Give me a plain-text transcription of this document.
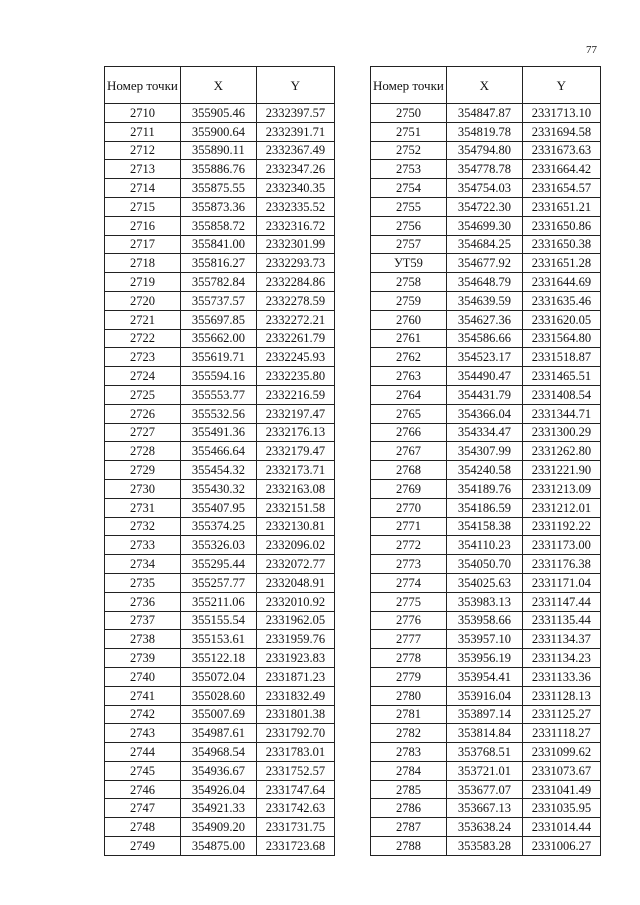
77
Номер точки	X	Y
2710	355905.46	2332397.57
2711	355900.64	2332391.71
2712	355890.11	2332367.49
2713	355886.76	2332347.26
2714	355875.55	2332340.35
2715	355873.36	2332335.52
2716	355858.72	2332316.72
2717	355841.00	2332301.99
2718	355816.27	2332293.73
2719	355782.84	2332284.86
2720	355737.57	2332278.59
2721	355697.85	2332272.21
2722	355662.00	2332261.79
2723	355619.71	2332245.93
2724	355594.16	2332235.80
2725	355553.77	2332216.59
2726	355532.56	2332197.47
2727	355491.36	2332176.13
2728	355466.64	2332179.47
2729	355454.32	2332173.71
2730	355430.32	2332163.08
2731	355407.95	2332151.58
2732	355374.25	2332130.81
2733	355326.03	2332096.02
2734	355295.44	2332072.77
2735	355257.77	2332048.91
2736	355211.06	2332010.92
2737	355155.54	2331962.05
2738	355153.61	2331959.76
2739	355122.18	2331923.83
2740	355072.04	2331871.23
2741	355028.60	2331832.49
2742	355007.69	2331801.38
2743	354987.61	2331792.70
2744	354968.54	2331783.01
2745	354936.67	2331752.57
2746	354926.04	2331747.64
2747	354921.33	2331742.63
2748	354909.20	2331731.75
2749	354875.00	2331723.68
Номер точки	X	Y
2750	354847.87	2331713.10
2751	354819.78	2331694.58
2752	354794.80	2331673.63
2753	354778.78	2331664.42
2754	354754.03	2331654.57
2755	354722.30	2331651.21
2756	354699.30	2331650.86
2757	354684.25	2331650.38
УТ59	354677.92	2331651.28
2758	354648.79	2331644.69
2759	354639.59	2331635.46
2760	354627.36	2331620.05
2761	354586.66	2331564.80
2762	354523.17	2331518.87
2763	354490.47	2331465.51
2764	354431.79	2331408.54
2765	354366.04	2331344.71
2766	354334.47	2331300.29
2767	354307.99	2331262.80
2768	354240.58	2331221.90
2769	354189.76	2331213.09
2770	354186.59	2331212.01
2771	354158.38	2331192.22
2772	354110.23	2331173.00
2773	354050.70	2331176.38
2774	354025.63	2331171.04
2775	353983.13	2331147.44
2776	353958.66	2331135.44
2777	353957.10	2331134.37
2778	353956.19	2331134.23
2779	353954.41	2331133.36
2780	353916.04	2331128.13
2781	353897.14	2331125.27
2782	353814.84	2331118.27
2783	353768.51	2331099.62
2784	353721.01	2331073.67
2785	353677.07	2331041.49
2786	353667.13	2331035.95
2787	353638.24	2331014.44
2788	353583.28	2331006.27
